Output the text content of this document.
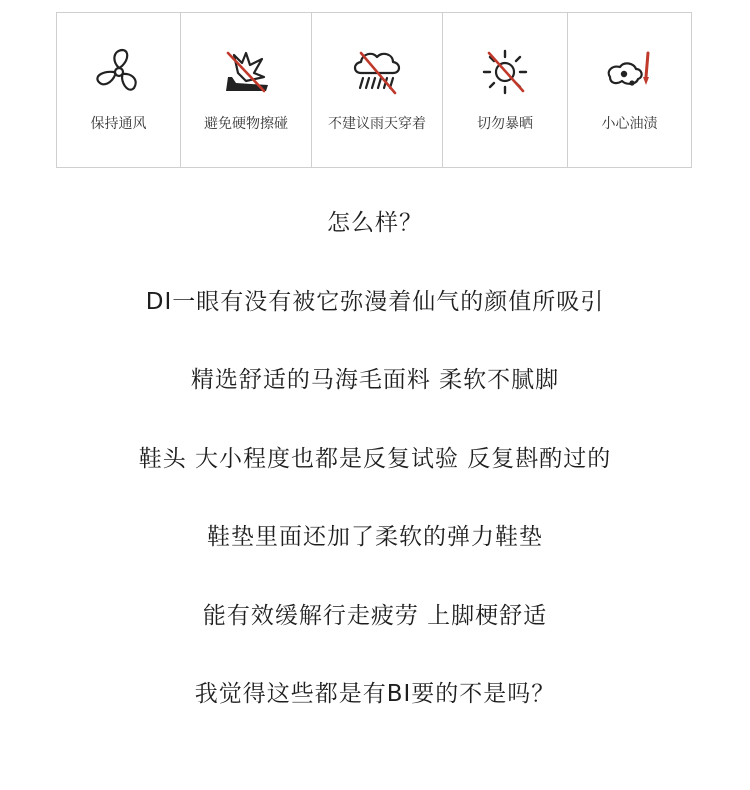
保持通风	避免硬物擦碰	不建议雨天穿着	切勿暴晒	小心油渍
怎么样？
DI一眼有没有被它弥漫着仙气的颜值所吸引
精选舒适的马海毛面料 柔软不腻脚
鞋头 大小程度也都是反复试验 反复斟酌过的
鞋垫里面还加了柔软的弹力鞋垫
能有效缓解行走疲劳 上脚梗舒适
我觉得这些都是有BI要的不是吗？
